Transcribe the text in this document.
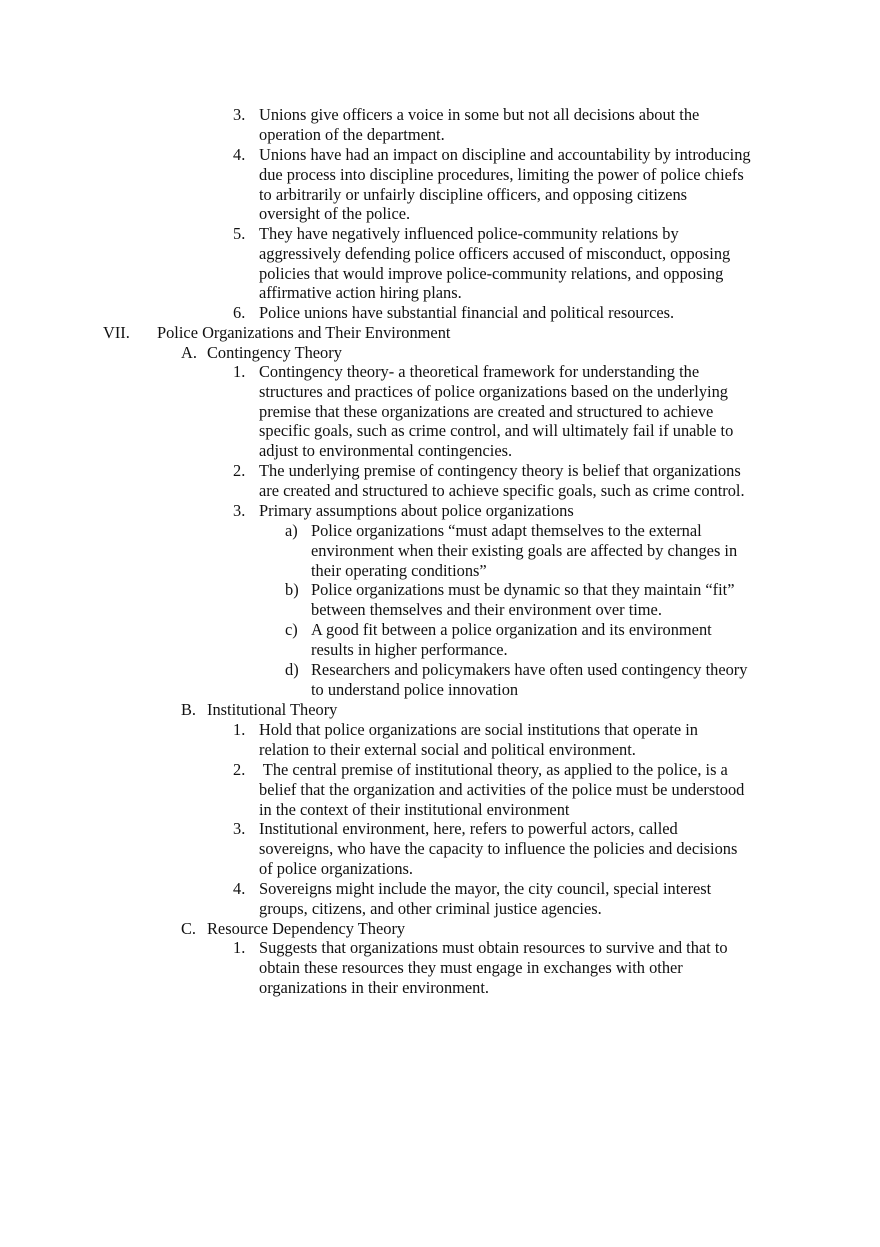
3. Unions give officers a voice in some but not all decisions about the
operation of the department.
4. Unions have had an impact on discipline and accountability by introducing
due process into discipline procedures, limiting the power of police chiefs
to arbitrarily or unfairly discipline officers, and opposing citizens
oversight of the police.
5. They have negatively influenced police-community relations by
aggressively defending police officers accused of misconduct, opposing
policies that would improve police-community relations, and opposing
affirmative action hiring plans.
6. Police unions have substantial financial and political resources.
VII. Police Organizations and Their Environment
A. Contingency Theory
1. Contingency theory- a theoretical framework for understanding the
structures and practices of police organizations based on the underlying
premise that these organizations are created and structured to achieve
specific goals, such as crime control, and will ultimately fail if unable to
adjust to environmental contingencies.
2. The underlying premise of contingency theory is belief that organizations
are created and structured to achieve specific goals, such as crime control.
3. Primary assumptions about police organizations
a) Police organizations “must adapt themselves to the external
environment when their existing goals are affected by changes in
their operating conditions”
b) Police organizations must be dynamic so that they maintain “fit”
between themselves and their environment over time.
c) A good fit between a police organization and its environment
results in higher performance.
d) Researchers and policymakers have often used contingency theory
to understand police innovation
B. Institutional Theory
1. Hold that police organizations are social institutions that operate in
relation to their external social and political environment.
2. The central premise of institutional theory, as applied to the police, is a
belief that the organization and activities of the police must be understood
in the context of their institutional environment
3. Institutional environment, here, refers to powerful actors, called
sovereigns, who have the capacity to influence the policies and decisions
of police organizations.
4. Sovereigns might include the mayor, the city council, special interest
groups, citizens, and other criminal justice agencies.
C. Resource Dependency Theory
1. Suggests that organizations must obtain resources to survive and that to
obtain these resources they must engage in exchanges with other
organizations in their environment.
